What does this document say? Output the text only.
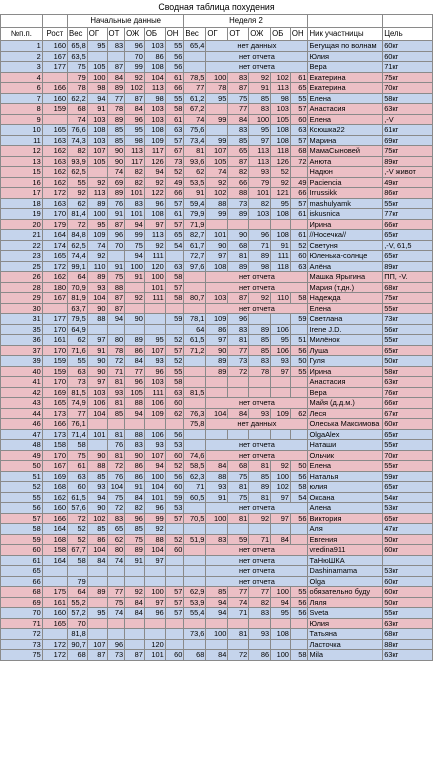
Сводная таблица похудения															
		Начальные данные						Неделя 2							
№п.п.	Рост	Вес	ОГ	ОТ	ОЖ	ОБ	ОН	Вес	ОГ	ОТ	ОЖ	ОБ	ОН	Ник участницы	Цель
1	160	65,8	95	83	96	103	55	65,4	нет данных					Бегущая по волнам	60кг
2	167	63,5			70	86	56		нет отчета					Юлия	60кг
3	177	75	105	87	99	108	56		нет отчета					Вера	71кг
4		79	100	84	92	104	61	78,5	100	83	92	102	61	Екатерина	75кг
6	166	78	98	89	102	113	66	77	78	87	91	113	65	Екатерина	70кг
7	160	62,2	94	77	87	98	55	61,2	95	75	85	98	55	Елена	58кг
8	159	68	91	78	84	103	58	67,2		77	83	103	57	Анастасия	63кг
9		74	103	89	96	103	61	74	99	84	100	105	60	Елена	,-V
10	165	76,6	108	85	95	108	63	75,6		83	95	108	63	Ксюшка22	61кг
11	163	74,3	103	85	98	109	57	73,4	99	85	97	108	57	Марина	69кг
12	162	82	107	90	113	117	67	81	107	65	113	118	68	МамаСыновей	75кг
13	163	93,9	105	90	117	126	73	93,6	105	87	113	126	72	Анюта	89кг
15	162	62,5		74	82	94	52	62	74	82	93	52		Надюн	,-V живот
16	162	55	92	69	82	92	49	53,5	92	66	79	92	49	Paciencia	49кг
17	172	92	113	89	101	122	66	91	102	88	101	121	66	Irrussikk	86кг
18	163	62	89	76	83	96	57	59,4	88	73	82	95	57	mashulyamk	55кг
19	170	81,4	100	91	101	108	61	79,9	99	89	103	108	61	iskusnica	77кг
20	179	72	95	87	94	97	57	71,9						Ирина	66кг
21	164	84,8	109	96	99	113	65	82,7	101	90	96	108	61	//Носечка//	65кг
22	174	62,5	74	70	75	92	54	61,7	90	68	71	91	52	Светуня	,-V, 61,5
23	165	74,4	92		94	111		72,7	97	81	89	111	60	Юленька-солнце	65кг
25	172	99,1	110	91	100	120	63	97,6	108	89	98	118	63	Алёна	89кг
26	162	64	89	75	91	100	58		нет отчета					Машка Ярыгина	ПП, -V.
28	180	70,9	93	88		101	57		нет отчета					Мария (т.дн.)	68кг
29	167	81,9	104	87	92	111	58	80,7	103	87	92	110	58	Надежда	75кг
30		63,7	90	87					нет отчета					Елена	55кг
31	177	79,5	88	94	90		59	78,1	109	96			59	Светлана	73кг
35	170	64,9						64	86	83	89	106		Irene J.D.	56кг
36	161	62	97	80	89	95	52	61,5	97	81	85	95	51	Милёнок	55кг
37	170	71,6	91	78	86	107	57	71,2	90	77	85	106	56	Луша	65кг
39	159	55	90	72	84	93	52		89	73	83	93	50	Гуля	50кг
40	159	63	90	71	77	96	55		89	72	78	97	55	Ирина	58кг
41	170	73	97	81	96	103	58							Анастасия	63кг
42	169	81,5	103	93	105	111	63	81,5						Вера	76кг
43	165	74,9	106	81	88	106	60		нет отчета					Майя (д.д.м.)	66кг
44	173	77	104	85	94	109	62	76,3	104	84	93	109	62	Леся	67кг
46	166	76,1						75,8	нет данных					Олеська Максимова	60кг
47	173	71,4	101	81	88	106	56							OlgaAlex	65кг
48	158	58		76	83	93	53		нет отчета					Наташи	55кг
49	170	75	90	81	90	107	60	74,6	нет отчета					Ольчик	70кг
50	167	61	88	72	86	94	52	58,5	84	68	81	92	50	Елена	55кг
51	169	63	85	76	86	100	56	62,3	88	75	85	100	56	Наталья	59кг
52	168	60	93	104	91	104	60	71	93	81	89	102	58	юлия	65кг
55	162	61,5	94	75	84	101	59	60,5	91	75	81	97	54	Оксана	54кг
56	160	57,6	90	72	82	96	53		нет отчета					Алена	53кг
57	166	72	102	83	96	99	57	70,5	100	81	92	97	56	Виктория	65кг
58	164	52	85	65	85	92								Аля	47кг
59	168	52	86	62	75	88	52	51,9	83	59	71	84		Евгения	50кг
60	158	67,7	104	80	89	104	60		нет отчета					vredina911	60кг
61	164	58	84	74	91	97			нет отчета					ТаНюШКА	
65									нет отчета					Dashinamama	53кг
66		79							нет отчета					Olga	60кг
68	175	64	89	77	92	100	57	62,9	85	77	77	100	55	обязательно буду	60кг
69	161	55,2		75	84	97	57	53,9	94	74	82	94	56	Ляля	50кг
70	160	57,2	95	74	84	96	57	55,4	94	71	83	95	56	Sveta	55кг
71	165	70												Юлия	63кг
72		81,8						73,6	100	81	93	108		Татьяна	68кг
73	172	90,7	107	96		120								Ласточка	88кг
75	172	68	87	73	87	101	60	68	84	72	86	100	58	Mila	63кг
